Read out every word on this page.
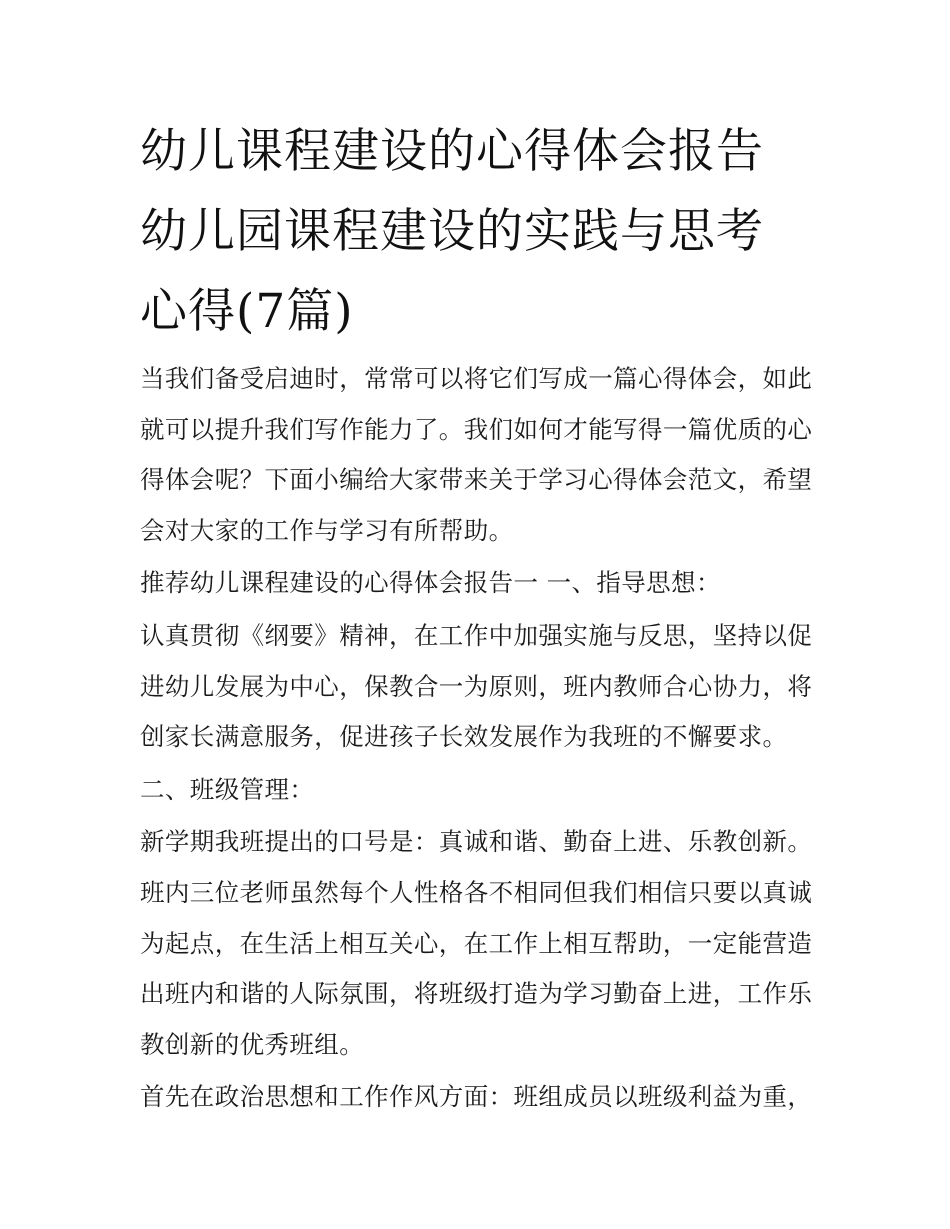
幼儿课程建设的心得体会报告
幼儿园课程建设的实践与思考
心得(7篇)

当我们备受启迪时，常常可以将它们写成一篇心得体会，如此
就可以提升我们写作能力了。我们如何才能写得一篇优质的心
得体会呢？下面小编给大家带来关于学习心得体会范文，希望
会对大家的工作与学习有所帮助。

推荐幼儿课程建设的心得体会报告一 一、指导思想：

认真贯彻《纲要》精神，在工作中加强实施与反思，坚持以促
进幼儿发展为中心，保教合一为原则，班内教师合心协力，将
创家长满意服务，促进孩子长效发展作为我班的不懈要求。

二、班级管理：

新学期我班提出的口号是：真诚和谐、勤奋上进、乐教创新。
班内三位老师虽然每个人性格各不相同但我们相信只要以真诚
为起点，在生活上相互关心，在工作上相互帮助，一定能营造
出班内和谐的人际氛围，将班级打造为学习勤奋上进，工作乐
教创新的优秀班组。

首先在政治思想和工作作风方面：班组成员以班级利益为重，
